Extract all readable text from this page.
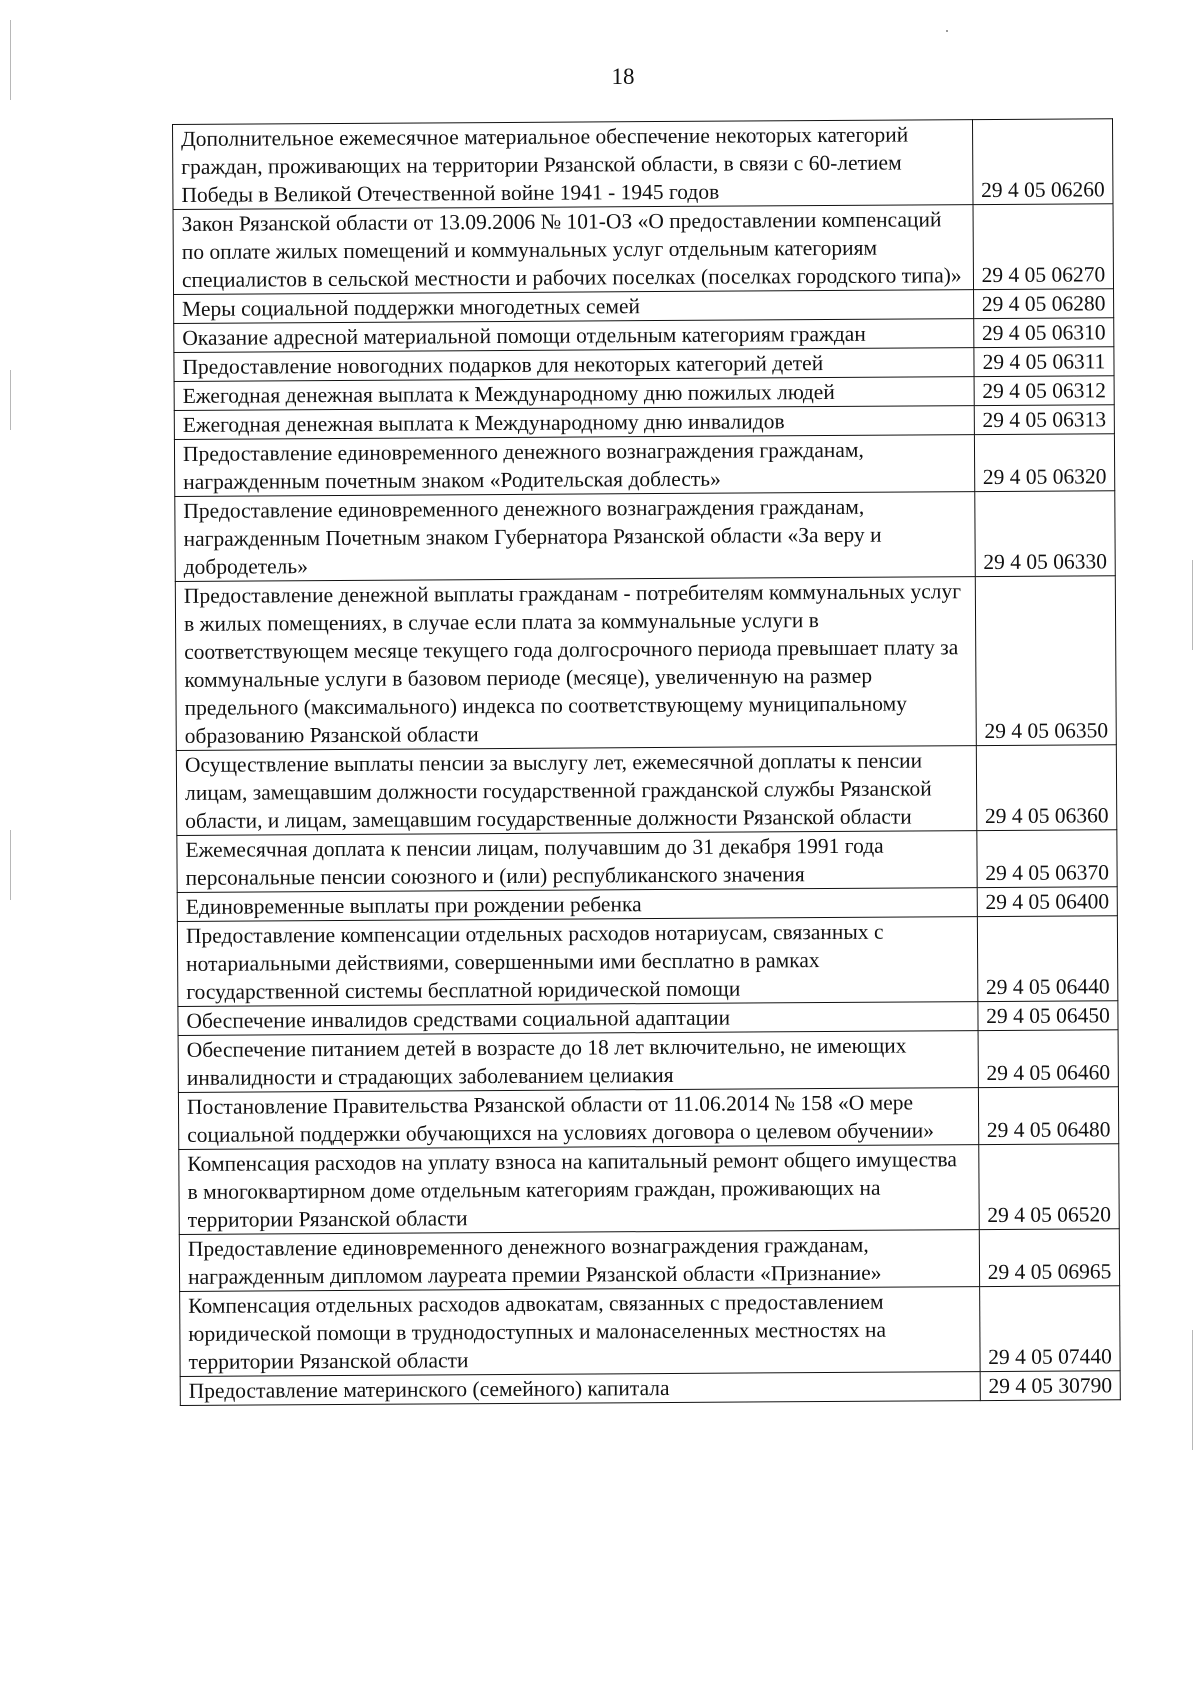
18
Дополнительное ежемесячное материальное обеспечение некоторых категорий граждан, проживающих на территории Рязанской области, в связи с 60-летием Победы в Великой Отечественной войне 1941 - 1945 годов	29 4 05 06260
Закон Рязанской области от 13.09.2006 № 101-ОЗ «О предоставлении компенсаций по оплате жилых помещений и коммунальных услуг отдельным категориям специалистов в сельской местности и рабочих поселках (поселках городского типа)»	29 4 05 06270
Меры социальной поддержки многодетных семей	29 4 05 06280
Оказание адресной материальной помощи отдельным категориям граждан	29 4 05 06310
Предоставление новогодних подарков для некоторых категорий детей	29 4 05 06311
Ежегодная денежная выплата к Международному дню пожилых людей	29 4 05 06312
Ежегодная денежная выплата к Международному дню инвалидов	29 4 05 06313
Предоставление единовременного денежного вознаграждения гражданам, награжденным почетным знаком «Родительская доблесть»	29 4 05 06320
Предоставление единовременного денежного вознаграждения гражданам, награжденным Почетным знаком Губернатора Рязанской области «За веру и добродетель»	29 4 05 06330
Предоставление денежной выплаты гражданам - потребителям коммунальных услуг в жилых помещениях, в случае если плата за коммунальные услуги в соответствующем месяце текущего года долгосрочного периода превышает плату за коммунальные услуги в базовом периоде (месяце), увеличенную на размер предельного (максимального) индекса по соответствующему муниципальному образованию Рязанской области	29 4 05 06350
Осуществление выплаты пенсии за выслугу лет, ежемесячной доплаты к пенсии лицам, замещавшим должности государственной гражданской службы Рязанской области, и лицам, замещавшим государственные должности Рязанской области	29 4 05 06360
Ежемесячная доплата к пенсии лицам, получавшим до 31 декабря 1991 года персональные пенсии союзного и (или) республиканского значения	29 4 05 06370
Единовременные выплаты при рождении ребенка	29 4 05 06400
Предоставление компенсации отдельных расходов нотариусам, связанных с нотариальными действиями, совершенными ими бесплатно в рамках государственной системы бесплатной юридической помощи	29 4 05 06440
Обеспечение инвалидов средствами социальной адаптации	29 4 05 06450
Обеспечение питанием детей в возрасте до 18 лет включительно, не имеющих инвалидности и страдающих заболеванием целиакия	29 4 05 06460
Постановление Правительства Рязанской области от 11.06.2014 № 158 «О мере социальной поддержки обучающихся на условиях договора о целевом обучении»	29 4 05 06480
Компенсация расходов на уплату взноса на капитальный ремонт общего имущества в многоквартирном доме отдельным категориям граждан, проживающих на территории Рязанской области	29 4 05 06520
Предоставление единовременного денежного вознаграждения гражданам, награжденным дипломом лауреата премии Рязанской области «Признание»	29 4 05 06965
Компенсация отдельных расходов адвокатам, связанных с предоставлением юридической помощи в труднодоступных и малонаселенных местностях на территории Рязанской области	29 4 05 07440
Предоставление материнского (семейного) капитала	29 4 05 30790
